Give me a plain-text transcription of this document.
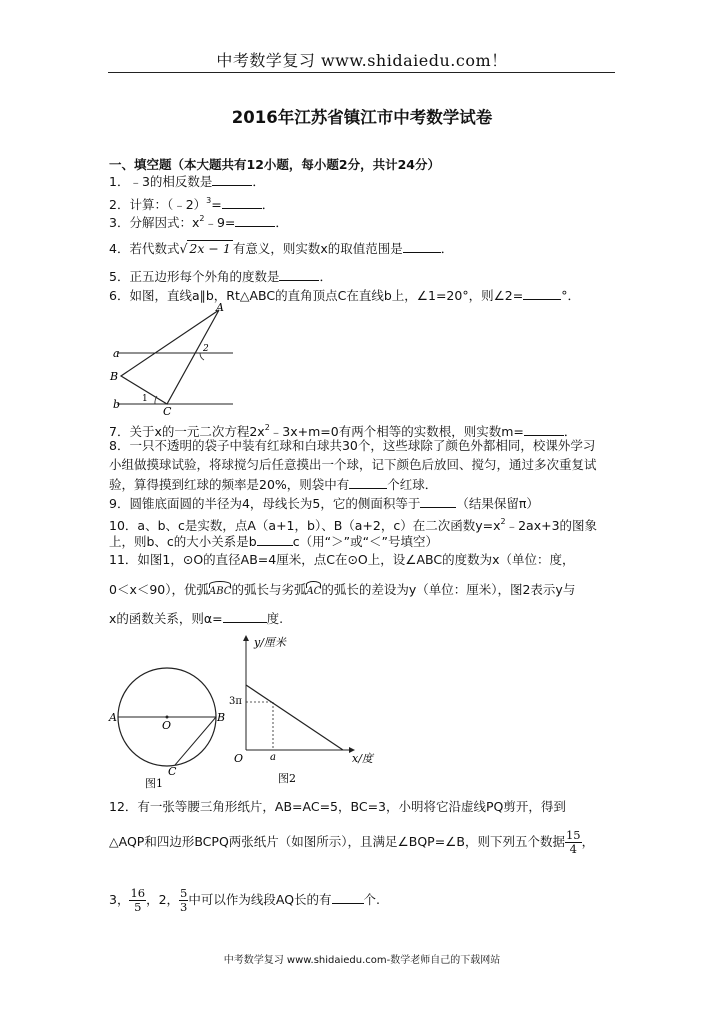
中考数学复习 www.shidaiedu.com！
2016年江苏省镇江市中考数学试卷
一、填空题（本大题共有12小题，每小题2分，共计24分）
1．﹣3的相反数是	．
2．计算：（﹣2）$^3$=	．
3．分解因式：$x^2﹣9=$	．
4．若代数式√ 2x − 1 有意义，则实数x的取值范围是	．
5．正五边形每个外角的度数是	．
6．如图，直线a∥b，Rt△ABC的直角顶点C在直线b上，∠1=20°，则∠2=	°．
a
b
A
B
C
1
2
7．关于x的一元二次方程$2x^2﹣3x+m=0$有两个相等的实数根，则实数m=	．
8．一只不透明的袋子中装有红球和白球共30个，这些球除了颜色外都相同，校课外学习
小组做摸球试验，将球搅匀后任意摸出一个球，记下颜色后放回、搅匀，通过多次重复试
验，算得摸到红球的频率是20%，则袋中有	个红球．
9．圆锥底面圆的半径为4，母线长为5，它的侧面积等于	（结果保留π）
10．a、b、c是实数，点A（a+1，b）、B（a+2，c）在二次函数$y=x^2﹣2ax+3$的图象
上，则b、c的大小关系是b	c（用“＞”或“＜”号填空）
11．如图1，⊙O的直径AB=4厘米，点C在⊙O上，设∠ABC的度数为x（单位：度，
0＜x＜90），优弧ABC的弧长与劣弧AC的弧长的差设为y（单位：厘米），图2表示y与
x的函数关系，则α=	度.
A	B
O
C
图1
y/厘米
x/度
O
3π
a
图2
12．有一张等腰三角形纸片，AB=AC=5，BC=3，小明将它沿虚线PQ剪开，得到
△AQP和四边形BCPQ两张纸片（如图所示），且满足∠BQP=∠B，则下列五个数据 $\frac{15}{4}$ ，
3， $\frac{16}{5}$ ，2， $\frac{5}{3}$ 中可以作为线段AQ长的有	个.
中考数学复习 www.shidaiedu.com-数学老师自己的下载网站
